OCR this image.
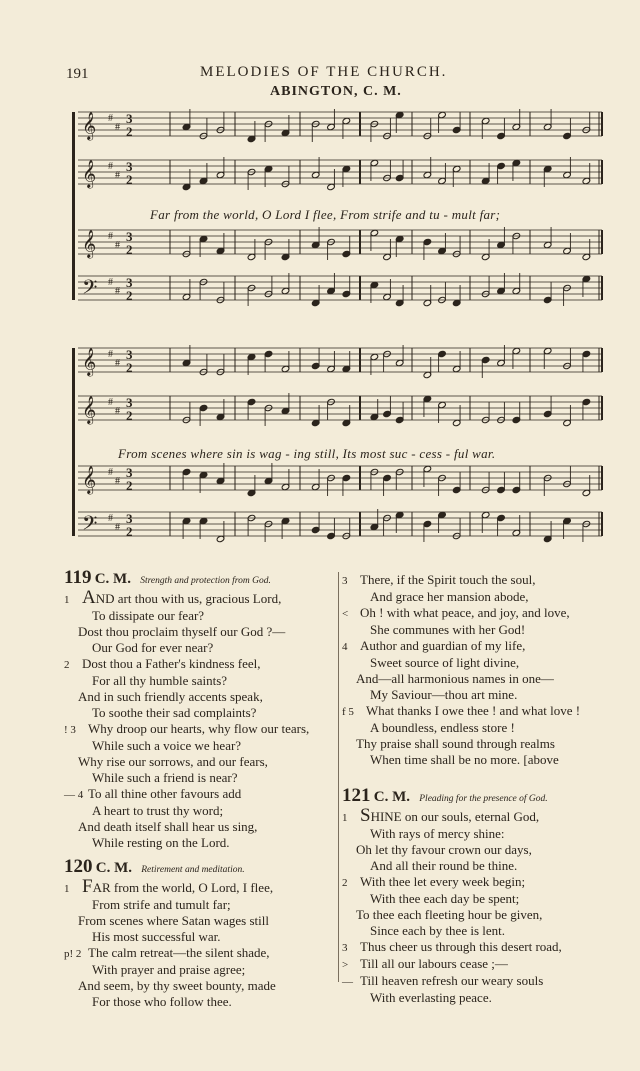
191	MELODIES OF THE CHURCH.
ABINGTON, C. M.
𝄞 #
#
3
2
𝄞 #
#
3
2
𝄞 #
#
3
2
𝄢 #
#
3
2
Far from the world, O Lord I flee, From strife and tu - mult far;
𝄞 #
#
3
2
𝄞 #
#
3
2
𝄞 #
#
3
2
𝄢 #
#
3
2
From scenes where sin is wag - ing still, Its most suc - cess - ful war.
119 C. M. Strength and protection from God.
1 AND art thou with us, gracious Lord,
To dissipate our fear?
Dost thou proclaim thyself our God ?—
Our God for ever near?
2 Dost thou a Father's kindness feel,
For all thy humble saints?
And in such friendly accents speak,
To soothe their sad complaints?
! 3 Why droop our hearts, why flow our tears,
While such a voice we hear?
Why rise our sorrows, and our fears,
While such a friend is near?
— 4 To all thine other favours add
A heart to trust thy word;
And death itself shall hear us sing,
While resting on the Lord.
120 C. M. Retirement and meditation.
1 FAR from the world, O Lord, I flee,
From strife and tumult far;
From scenes where Satan wages still
His most successful war.
p! 2 The calm retreat—the silent shade,
With prayer and praise agree;
And seem, by thy sweet bounty, made
For those who follow thee.
3 There, if the Spirit touch the soul,
And grace her mansion abode,
< Oh ! with what peace, and joy, and love,
She communes with her God!
4 Author and guardian of my life,
Sweet source of light divine,
And—all harmonious names in one—
My Saviour—thou art mine.
f 5 What thanks I owe thee ! and what love !
A boundless, endless store !
Thy praise shall sound through realms
When time shall be no more. [above
121 C. M. Pleading for the presence of God.
1 SHINE on our souls, eternal God,
With rays of mercy shine:
Oh let thy favour crown our days,
And all their round be thine.
2 With thee let every week begin;
With thee each day be spent;
To thee each fleeting hour be given,
Since each by thee is lent.
3 Thus cheer us through this desert road,
> Till all our labours cease ;—
— Till heaven refresh our weary souls
With everlasting peace.
